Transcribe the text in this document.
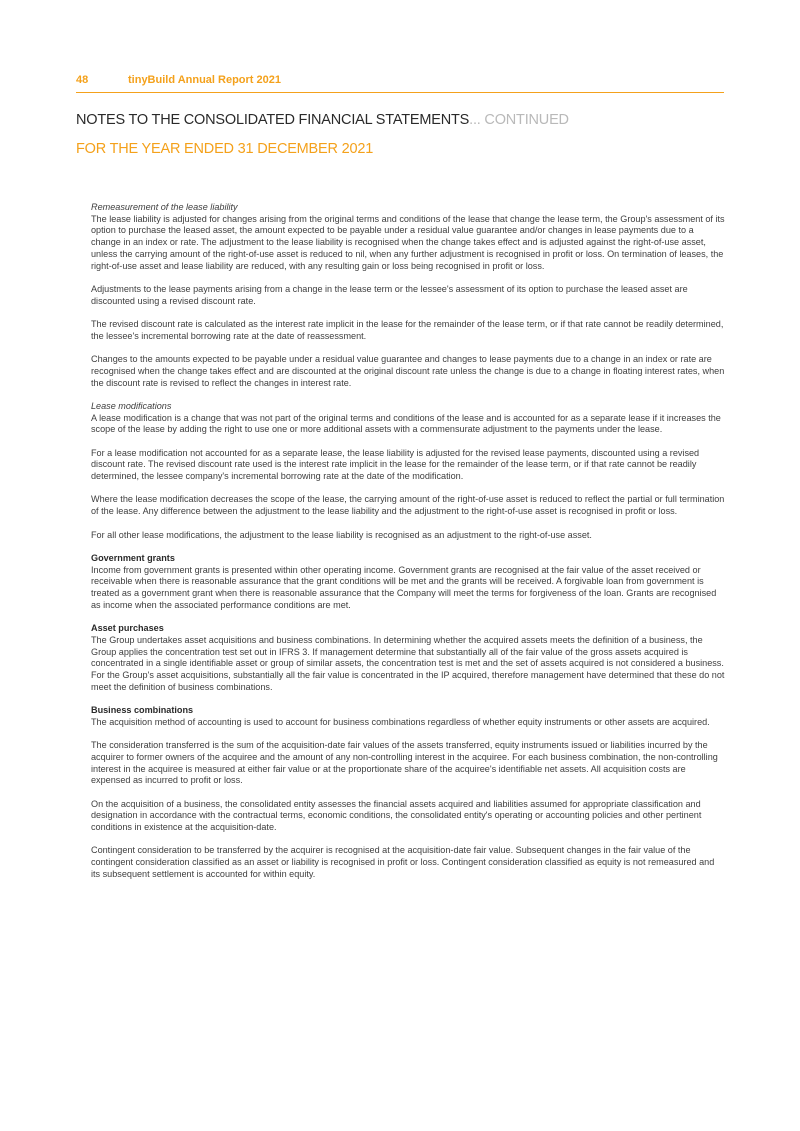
48	tinyBuild Annual Report 2021
NOTES TO THE CONSOLIDATED FINANCIAL STATEMENTS... CONTINUED
FOR THE YEAR ENDED 31 DECEMBER 2021
Remeasurement of the lease liability

The lease liability is adjusted for changes arising from the original terms and conditions of the lease that change the lease term, the Group's assessment of its option to purchase the leased asset, the amount expected to be payable under a residual value guarantee and/or changes in lease payments due to a change in an index or rate. The adjustment to the lease liability is recognised when the change takes effect and is adjusted against the right-of-use asset, unless the carrying amount of the right-of-use asset is reduced to nil, when any further adjustment is recognised in profit or loss. On termination of leases, the right-of-use asset and lease liability are reduced, with any resulting gain or loss being recognised in profit or loss.

Adjustments to the lease payments arising from a change in the lease term or the lessee's assessment of its option to purchase the leased asset are discounted using a revised discount rate.

The revised discount rate is calculated as the interest rate implicit in the lease for the remainder of the lease term, or if that rate cannot be readily determined, the lessee's incremental borrowing rate at the date of reassessment.

Changes to the amounts expected to be payable under a residual value guarantee and changes to lease payments due to a change in an index or rate are recognised when the change takes effect and are discounted at the original discount rate unless the change is due to a change in floating interest rates, when the discount rate is revised to reflect the changes in interest rate.

Lease modifications

A lease modification is a change that was not part of the original terms and conditions of the lease and is accounted for as a separate lease if it increases the scope of the lease by adding the right to use one or more additional assets with a commensurate adjustment to the payments under the lease.

For a lease modification not accounted for as a separate lease, the lease liability is adjusted for the revised lease payments, discounted using a revised discount rate. The revised discount rate used is the interest rate implicit in the lease for the remainder of the lease term, or if that rate cannot be readily determined, the lessee company's incremental borrowing rate at the date of the modification.

Where the lease modification decreases the scope of the lease, the carrying amount of the right-of-use asset is reduced to reflect the partial or full termination of the lease. Any difference between the adjustment to the lease liability and the adjustment to the right-of-use asset is recognised in profit or loss.

For all other lease modifications, the adjustment to the lease liability is recognised as an adjustment to the right-of-use asset.

Government grants

Income from government grants is presented within other operating income. Government grants are recognised at the fair value of the asset received or receivable when there is reasonable assurance that the grant conditions will be met and the grants will be received. A forgivable loan from government is treated as a government grant when there is reasonable assurance that the Company will meet the terms for forgiveness of the loan. Grants are recognised as income when the associated performance conditions are met.

Asset purchases

The Group undertakes asset acquisitions and business combinations. In determining whether the acquired assets meets the definition of a business, the Group applies the concentration test set out in IFRS 3. If management determine that substantially all of the fair value of the gross assets acquired is concentrated in a single identifiable asset or group of similar assets, the concentration test is met and the set of assets acquired is not considered a business. For the Group's asset acquisitions, substantially all the fair value is concentrated in the IP acquired, therefore management have determined that these do not meet the definition of business combinations.

Business combinations

The acquisition method of accounting is used to account for business combinations regardless of whether equity instruments or other assets are acquired.

The consideration transferred is the sum of the acquisition-date fair values of the assets transferred, equity instruments issued or liabilities incurred by the acquirer to former owners of the acquiree and the amount of any non-controlling interest in the acquiree. For each business combination, the non-controlling interest in the acquiree is measured at either fair value or at the proportionate share of the acquiree's identifiable net assets. All acquisition costs are expensed as incurred to profit or loss.

On the acquisition of a business, the consolidated entity assesses the financial assets acquired and liabilities assumed for appropriate classification and designation in accordance with the contractual terms, economic conditions, the consolidated entity's operating or accounting policies and other pertinent conditions in existence at the acquisition-date.

Contingent consideration to be transferred by the acquirer is recognised at the acquisition-date fair value. Subsequent changes in the fair value of the contingent consideration classified as an asset or liability is recognised in profit or loss. Contingent consideration classified as equity is not remeasured and its subsequent settlement is accounted for within equity.
